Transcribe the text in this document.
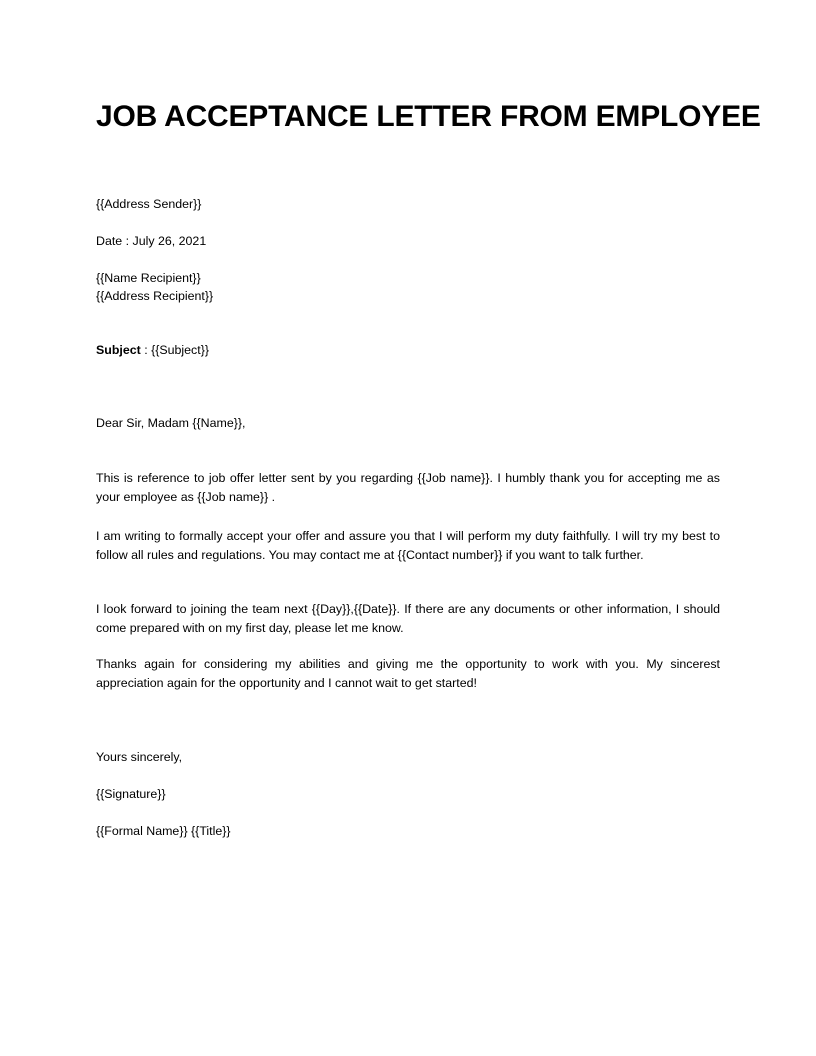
JOB ACCEPTANCE LETTER FROM EMPLOYEE
{{Address Sender}}
Date : July 26, 2021
{{Name Recipient}}
{{Address Recipient}}
Subject : {{Subject}}
Dear Sir, Madam {{Name}},

This is reference to job offer letter sent by you regarding {{Job name}}. I humbly thank you for accepting me as your employee as {{Job name}} .

I am writing to formally accept your offer and assure you that I will perform my duty faithfully. I will try my best to follow all rules and regulations. You may contact me at {{Contact number}} if you want to talk further.

I look forward to joining the team next {{Day}},{{Date}}. If there are any documents or other information, I should come prepared with on my first day, please let me know.

Thanks again for considering my abilities and giving me the opportunity to work with you. My sincerest appreciation again for the opportunity and I cannot wait to get started!

Yours sincerely,
{{Signature}}
{{Formal Name}} {{Title}}
